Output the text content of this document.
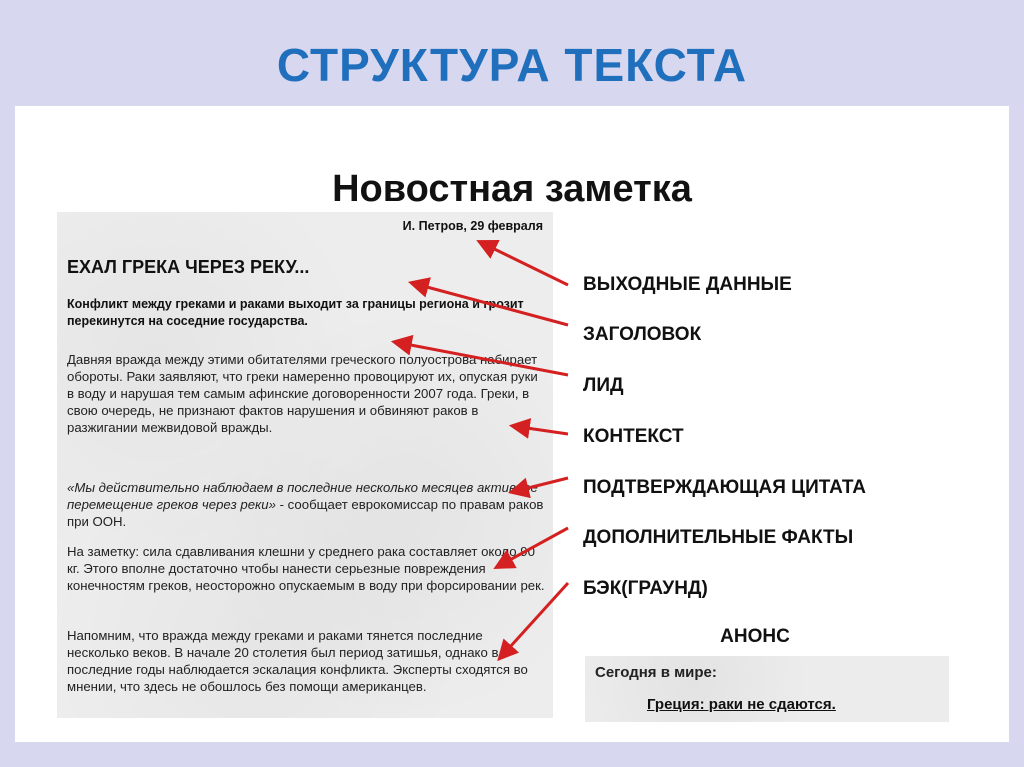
СТРУКТУРА ТЕКСТА
Новостная заметка
И. Петров, 29 февраля
ЕХАЛ ГРЕКА ЧЕРЕЗ РЕКУ...
Конфликт между греками и раками выходит за границы региона и грозит перекинутся на соседние государства.
Давняя вражда между этими обитателями греческого полуострова набирает обороты. Раки заявляют, что греки намеренно провоцируют их, опуская руки в воду и нарушая тем самым афинские договоренности 2007 года. Греки, в свою очередь, не признают фактов нарушения и обвиняют раков в разжигании межвидовой вражды.
«Мы действительно наблюдаем в последние несколько месяцев активное перемещение греков через реки» - сообщает еврокомиссар по правам раков при ООН.
На заметку: сила сдавливания клешни у среднего рака составляет около 90 кг. Этого вполне достаточно чтобы нанести серьезные повреждения конечностям греков, неосторожно опускаемым в воду при форсировании рек.
Напомним, что вражда между греками и раками тянется последние несколько веков. В начале 20 столетия был период затишья, однако в последние годы наблюдается эскалация конфликта. Эксперты сходятся во мнении, что здесь не обошлось без помощи американцев.
ВЫХОДНЫЕ ДАННЫЕ
ЗАГОЛОВОК
ЛИД
КОНТЕКСТ
ПОДТВЕРЖДАЮЩАЯ ЦИТАТА
ДОПОЛНИТЕЛЬНЫЕ ФАКТЫ
БЭК(ГРАУНД)
АНОНС
Сегодня в мире:
Греция: раки не сдаются.
